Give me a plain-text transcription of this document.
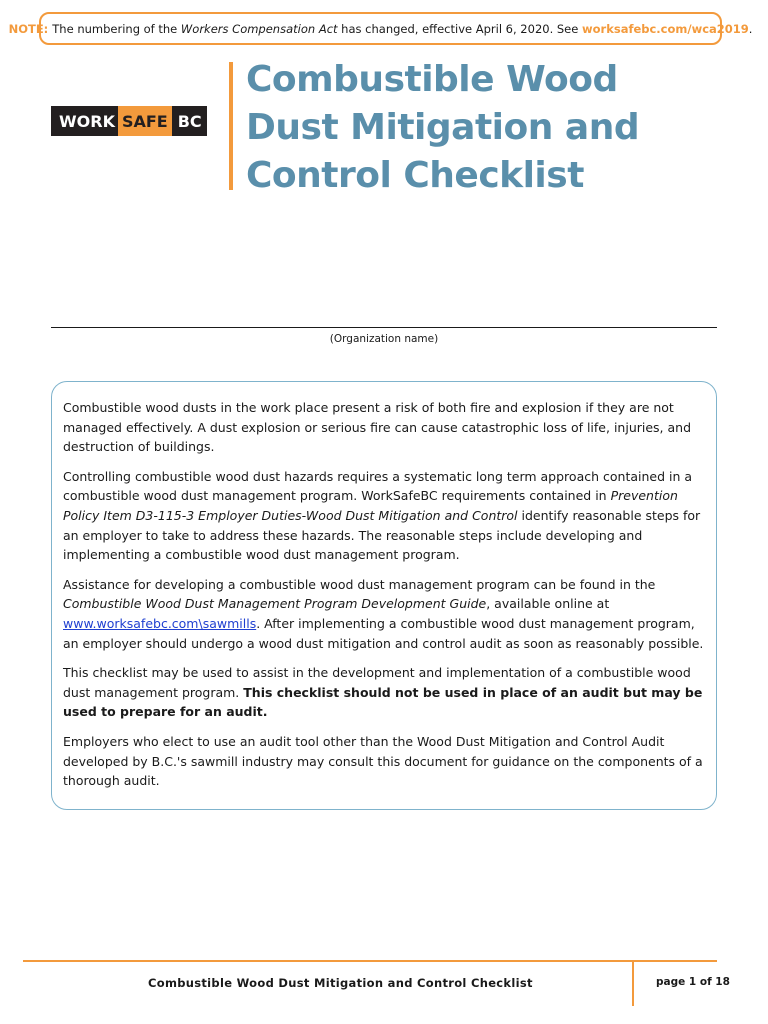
NOTE: The numbering of the Workers Compensation Act has changed, effective April 6, 2020. See worksafebc.com/wca2019 .
WORK SAFE BC
Combustible Wood
Dust Mitigation and
Control Checklist
(Organization name)

Combustible wood dusts in the work place present a risk of both fire and explosion if they are not managed effectively. A dust explosion or serious fire can cause catastrophic loss of life, injuries, and destruction of buildings.

Controlling combustible wood dust hazards requires a systematic long term approach contained in a combustible wood dust management program. WorkSafeBC requirements contained in Prevention Policy Item D3-115-3 Employer Duties-Wood Dust Mitigation and Control identify reasonable steps for an employer to take to address these hazards. The reasonable steps include developing and implementing a combustible wood dust management program.

Assistance for developing a combustible wood dust management program can be found in the Combustible Wood Dust Management Program Development Guide, available online at www.worksafebc.com\sawmills. After implementing a combustible wood dust management program, an employer should undergo a wood dust mitigation and control audit as soon as reasonably possible.

This checklist may be used to assist in the development and implementation of a combustible wood dust management program. This checklist should not be used in place of an audit but may be used to prepare for an audit.

Employers who elect to use an audit tool other than the Wood Dust Mitigation and Control Audit developed by B.C.'s sawmill industry may consult this document for guidance on the components of a thorough audit.

Combustible Wood Dust Mitigation and Control Checklist	page 1 of 18
